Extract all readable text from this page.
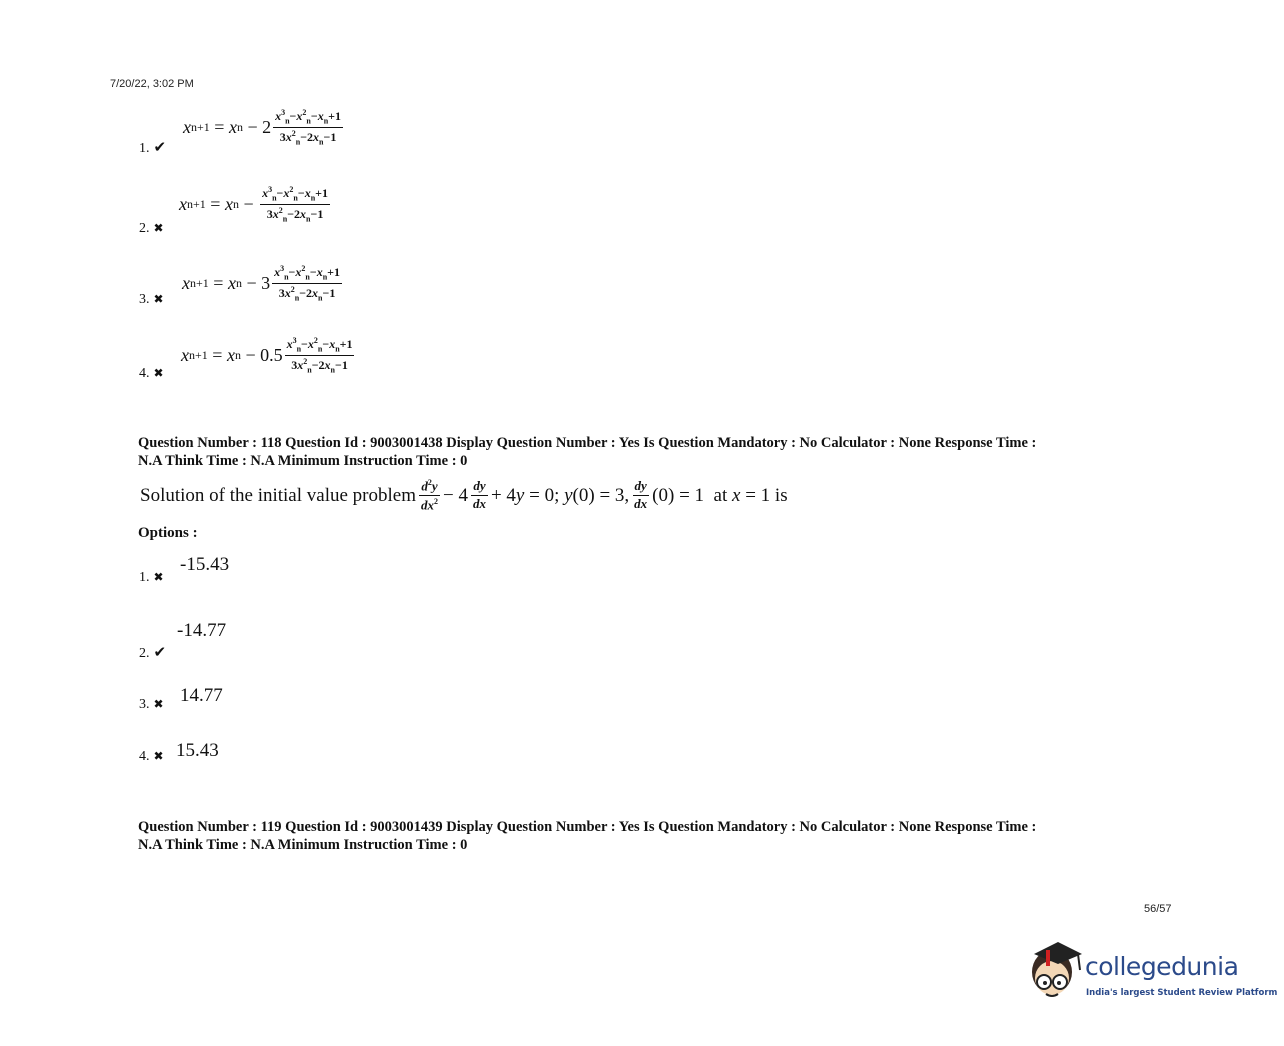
7/20/22, 3:02 PM
x n+1 = x $n - 2 \frac{x^3_n-x^2_n-x_n+1}{3x^2_n-2x_n-1}$
1. ✔
x n+1 = x $n - \frac{x^3_n-x^2_n-x_n+1}{3x^2_n-2x_n-1}$
2. ✖
x n+1 = x $n - 3 \frac{x^3_n-x^2_n-x_n+1}{3x^2_n-2x_n-1}$
3. ✖
x n+1 = x $n - 0.5 \frac{x^3_n-x^2_n-x_n+1}{3x^2_n-2x_n-1}$
4. ✖
Question Number : 118 Question Id : 9003001438 Display Question Number : Yes Is Question Mandatory : No Calculator : None Response Time :
N.A Think Time : N.A Minimum Instruction Time : 0
Solution of the initial value problem $\frac{d^2y}{dx^2} - 4 \frac{dy}{dx} + 4y = 0$; y(0) = 3, $\frac{dy}{dx} (0) = 1$  at x = 1 is
Options :
1. ✖
-15.43
2. ✔
-14.77
3. ✖ 14.77
4. ✖ 15.43
Question Number : 119 Question Id : 9003001439 Display Question Number : Yes Is Question Mandatory : No Calculator : None Response Time :
N.A Think Time : N.A Minimum Instruction Time : 0
56/57
collegedunia
India's largest Student Review Platform
